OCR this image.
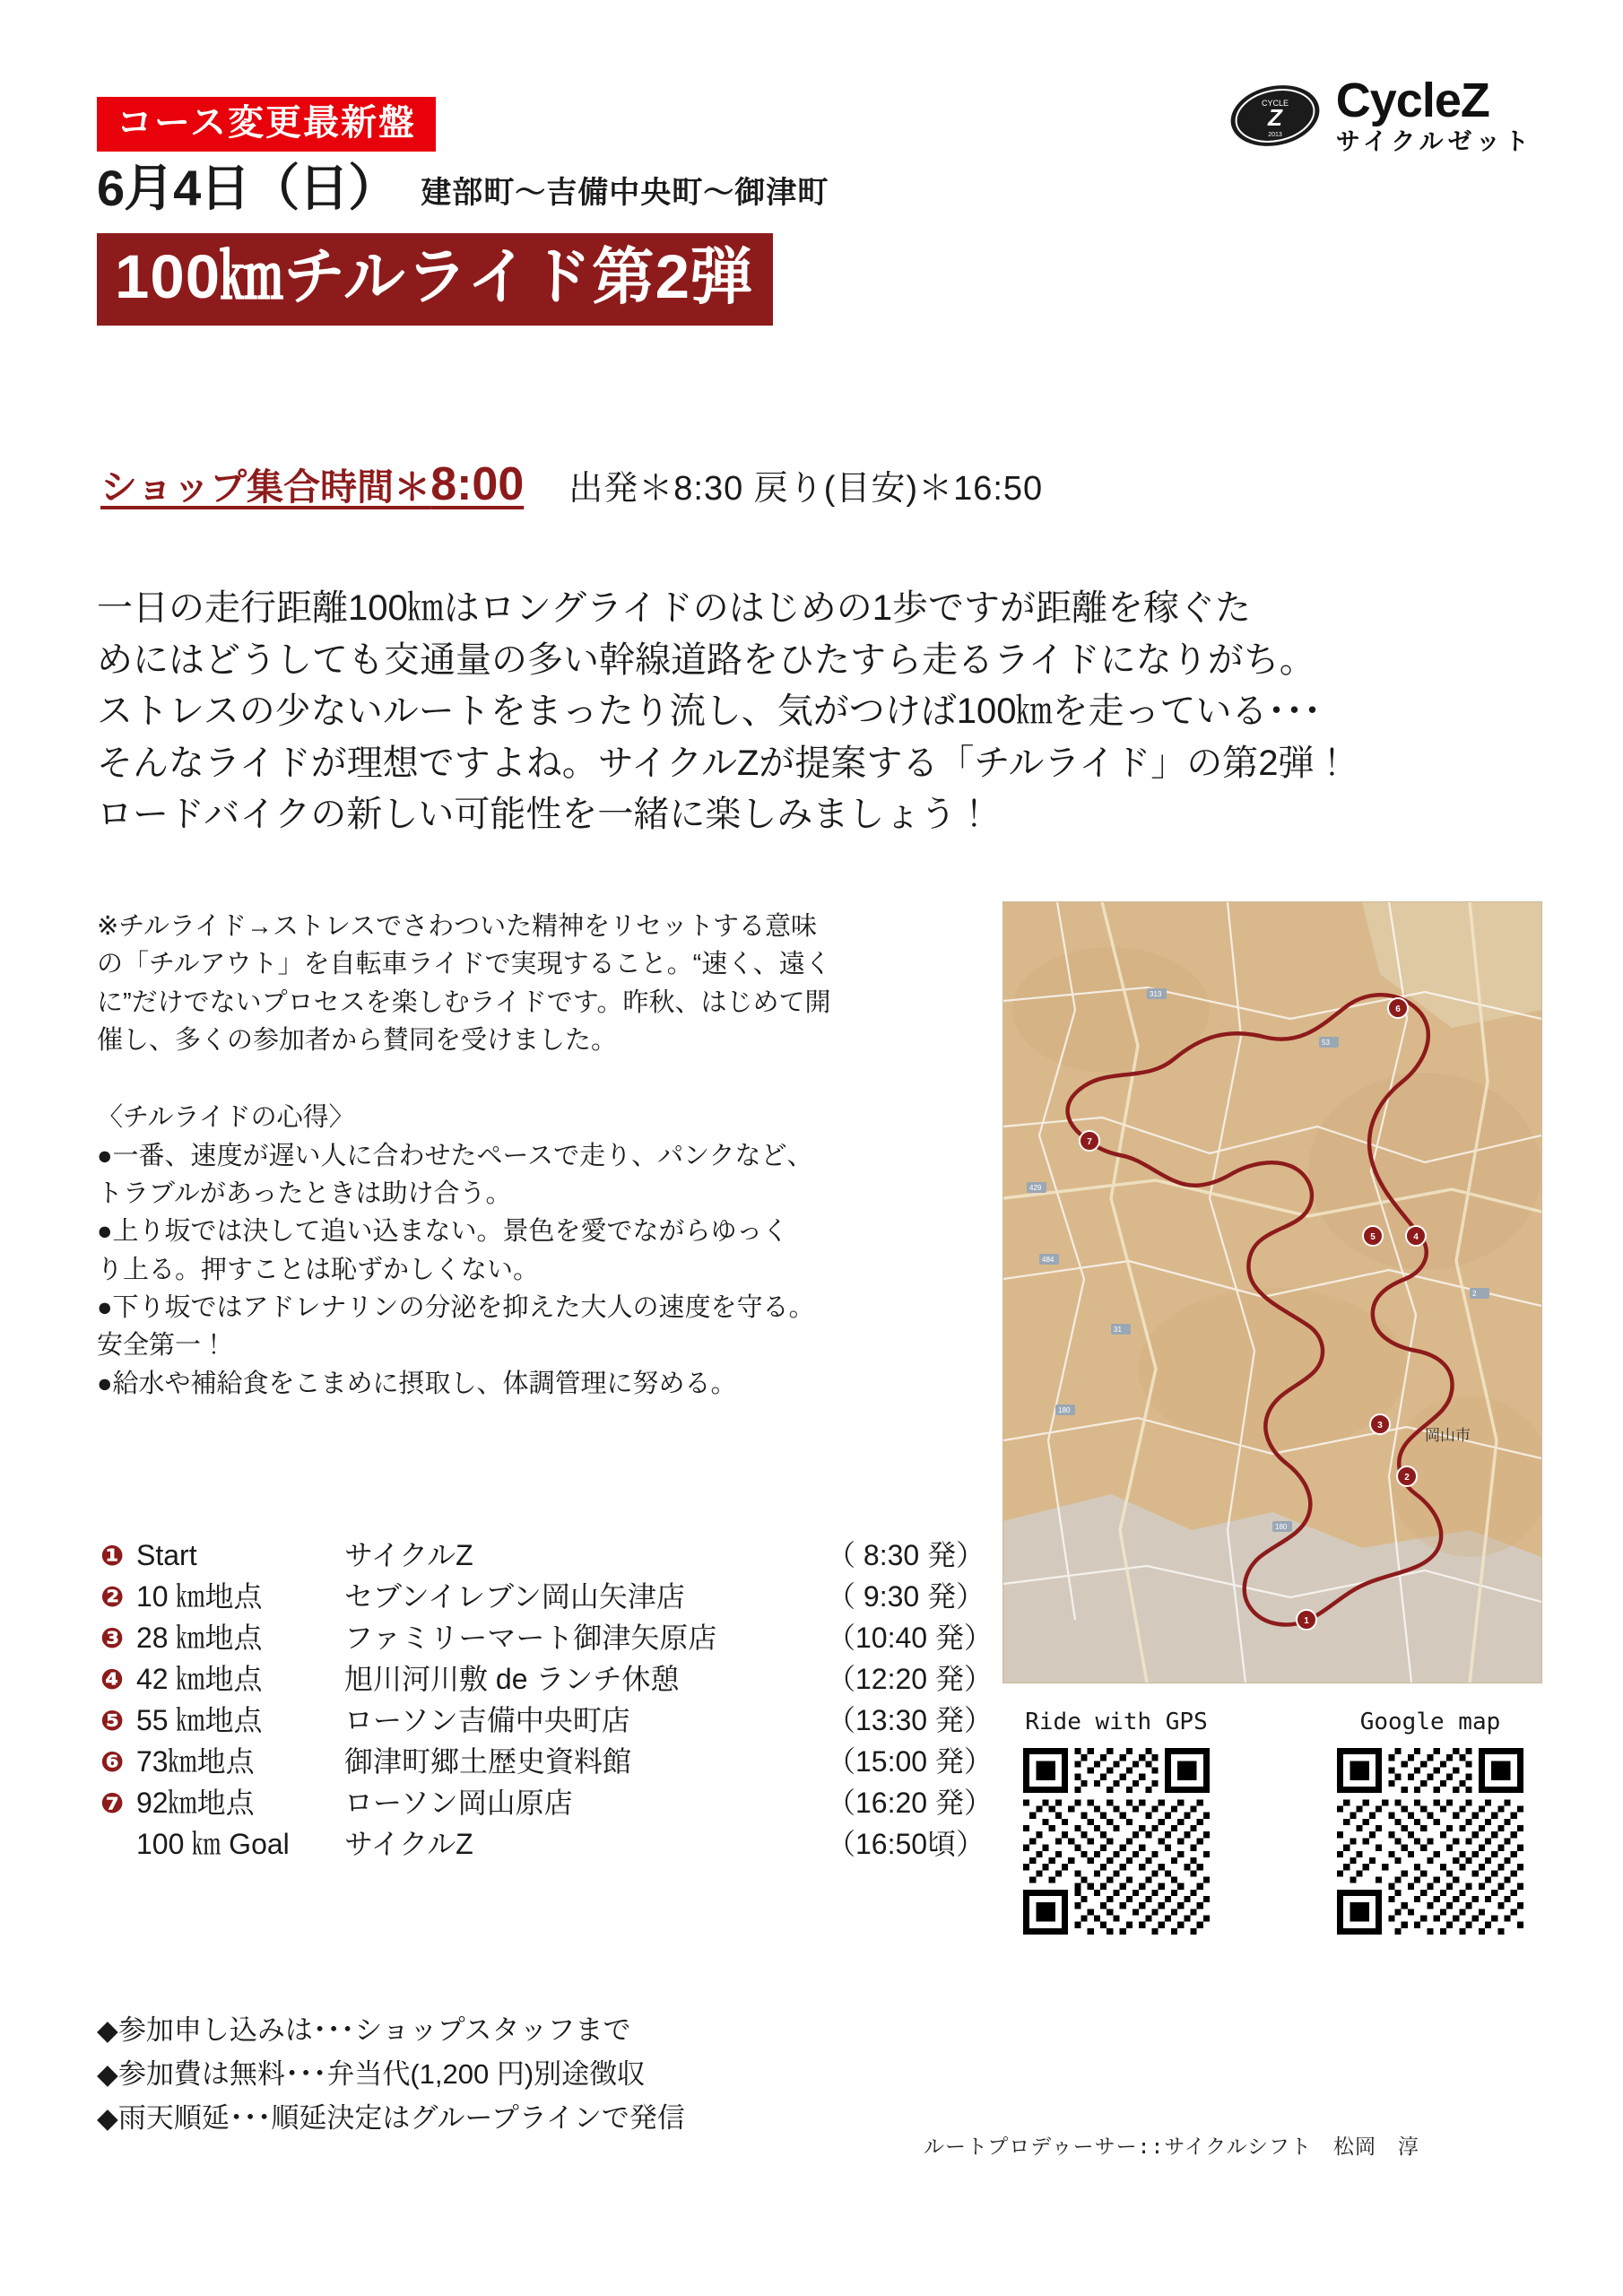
コース変更最新盤
6月4日（日） 建部町〜吉備中央町〜御津町
100㎞チルライド第2弾
CYCLE
Z
2013
CycleZ
サイクルゼット
ショップ集合時間＊8:00 出発＊8:30 戻り(目安)＊16:50

一日の走行距離100㎞はロングライドのはじめの1歩ですが距離を稼ぐた

めにはどうしても交通量の多い幹線道路をひたすら走るライドになりがち。

ストレスの少ないルートをまったり流し、気がつけば100㎞を走っている･･･

そんなライドが理想ですよね。サイクルZが提案する「チルライド」の第2弾！

ロードバイクの新しい可能性を一緒に楽しみましょう！

※チルライド→ストレスでさわついた精神をリセットする意味

の「チルアウト」を自転車ライドで実現すること。“速く、遠く

に”だけでないプロセスを楽しむライドです。昨秋、はじめて開

催し、多くの参加者から賛同を受けました。

〈チルライドの心得〉

●一番、速度が遅い人に合わせたペースで走り、パンクなど、

トラブルがあったときは助け合う。

●上り坂では決して追い込まない。景色を愛でながらゆっく

り上る。押すことは恥ずかしくない。

●下り坂ではアドレナリンの分泌を抑えた大人の速度を守る。

安全第一！

●給水や補給食をこまめに摂取し、体調管理に努める。

❶ Start	サイクルZ	（ 8:30 発）
❷ 10 ㎞地点	セブンイレブン岡山矢津店	（ 9:30 発）
❸ 28 ㎞地点	ファミリーマート御津矢原店	（10:40 発）
❹ 42 ㎞地点	旭川河川敷 de ランチ休憩	（12:20 発）
❺ 55 ㎞地点	ローソン吉備中央町店	（13:30 発）
❻ 73㎞地点	御津町郷土歴史資料館	（15:00 発）
❼ 92㎞地点	ローソン岡山原店	（16:20 発）
100 ㎞ Goal	サイクルZ	（16:50頃）

◆参加申し込みは･･･ショップスタッフまで

◆参加費は無料･･･弁当代(1,200 円)別途徴収

◆雨天順延･･･順延決定はグループラインで発信

ルートプロデゥーサー::サイクルシフト　松岡　淳
1
2
3
4
5
6
7
岡山市
429
484
31
180
313
53
2
180
Ride with GPS	Google map
